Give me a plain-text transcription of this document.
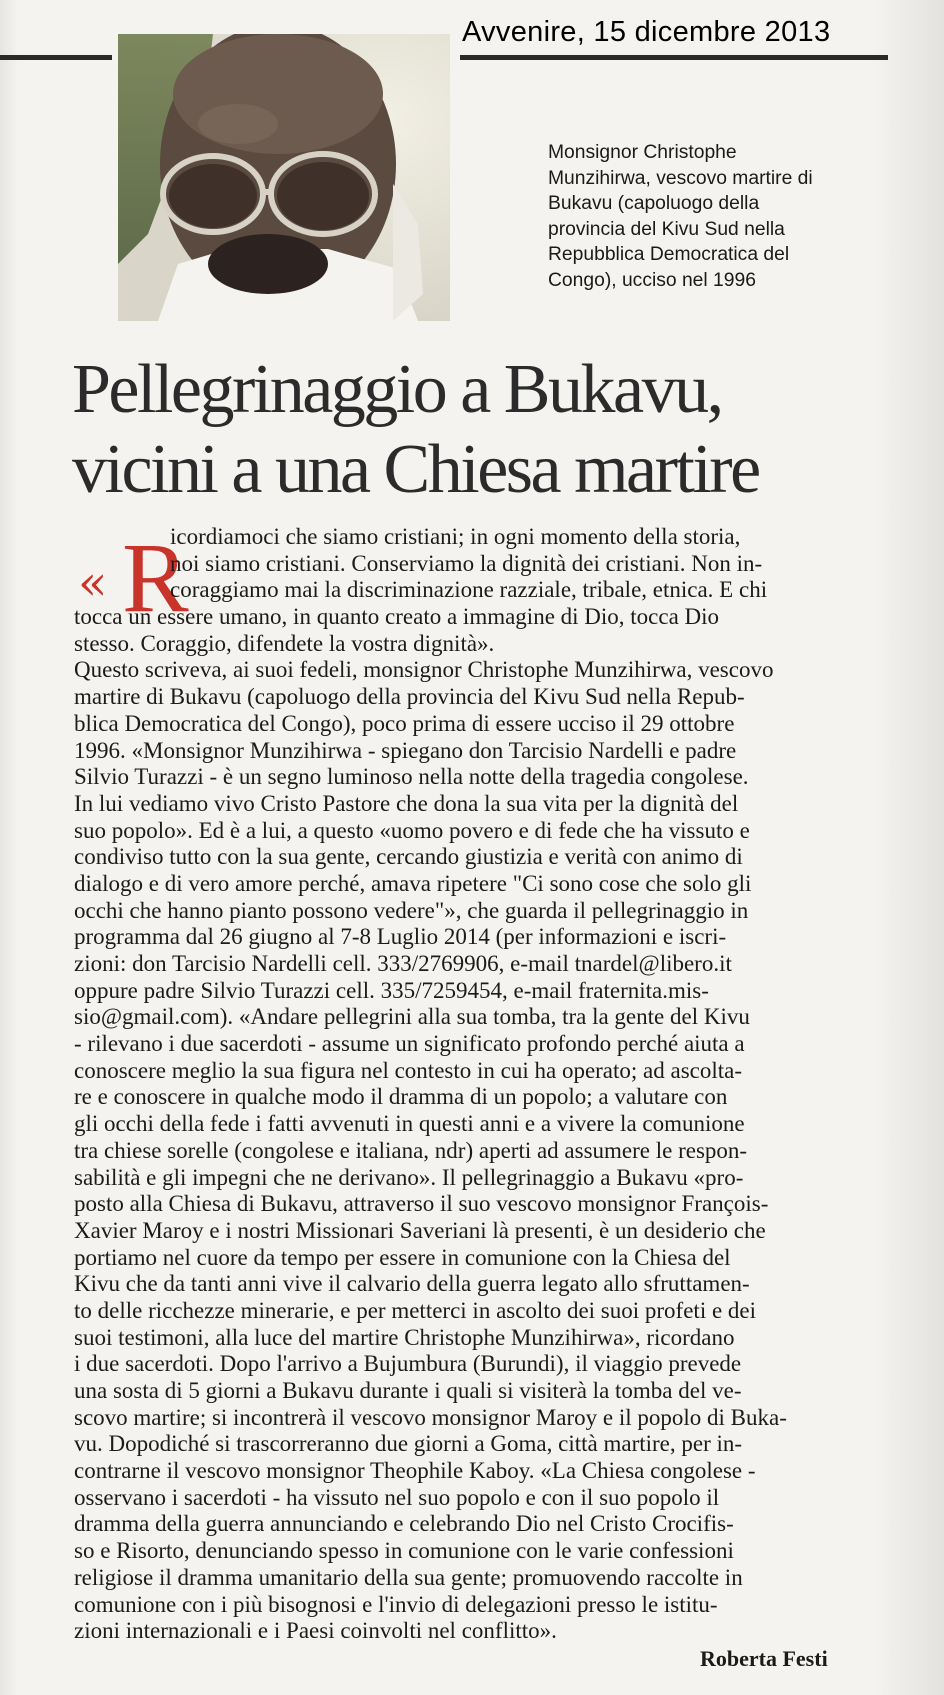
Avvenire, 15 dicembre 2013
Monsignor Christophe
Munzihirwa, vescovo martire di
Bukavu (capoluogo della
provincia del Kivu Sud nella
Repubblica Democratica del
Congo), ucciso nel 1996
Pellegrinaggio a Bukavu,
vicini a una Chiesa martire
« R
icordiamoci che siamo cristiani; in ogni momento della storia,
noi siamo cristiani. Conserviamo la dignità dei cristiani. Non in-
coraggiamo mai la discriminazione razziale, tribale, etnica. E chi
tocca un essere umano, in quanto creato a immagine di Dio, tocca Dio
stesso. Coraggio, difendete la vostra dignità».
Questo scriveva, ai suoi fedeli, monsignor Christophe Munzihirwa, vescovo
martire di Bukavu (capoluogo della provincia del Kivu Sud nella Repub-
blica Democratica del Congo), poco prima di essere ucciso il 29 ottobre
1996. «Monsignor Munzihirwa - spiegano don Tarcisio Nardelli e padre
Silvio Turazzi - è un segno luminoso nella notte della tragedia congolese.
In lui vediamo vivo Cristo Pastore che dona la sua vita per la dignità del
suo popolo». Ed è a lui, a questo «uomo povero e di fede che ha vissuto e
condiviso tutto con la sua gente, cercando giustizia e verità con animo di
dialogo e di vero amore perché, amava ripetere "Ci sono cose che solo gli
occhi che hanno pianto possono vedere"», che guarda il pellegrinaggio in
programma dal 26 giugno al 7-8 Luglio 2014 (per informazioni e iscri-
zioni: don Tarcisio Nardelli cell. 333/2769906, e-mail tnardel@libero.it
oppure padre Silvio Turazzi cell. 335/7259454, e-mail fraternita.mis-
sio@gmail.com). «Andare pellegrini alla sua tomba, tra la gente del Kivu
- rilevano i due sacerdoti - assume un significato profondo perché aiuta a
conoscere meglio la sua figura nel contesto in cui ha operato; ad ascolta-
re e conoscere in qualche modo il dramma di un popolo; a valutare con
gli occhi della fede i fatti avvenuti in questi anni e a vivere la comunione
tra chiese sorelle (congolese e italiana, ndr) aperti ad assumere le respon-
sabilità e gli impegni che ne derivano». Il pellegrinaggio a Bukavu «pro-
posto alla Chiesa di Bukavu, attraverso il suo vescovo monsignor François-
Xavier Maroy e i nostri Missionari Saveriani là presenti, è un desiderio che
portiamo nel cuore da tempo per essere in comunione con la Chiesa del
Kivu che da tanti anni vive il calvario della guerra legato allo sfruttamen-
to delle ricchezze minerarie, e per metterci in ascolto dei suoi profeti e dei
suoi testimoni, alla luce del martire Christophe Munzihirwa», ricordano
i due sacerdoti. Dopo l'arrivo a Bujumbura (Burundi), il viaggio prevede
una sosta di 5 giorni a Bukavu durante i quali si visiterà la tomba del ve-
scovo martire; si incontrerà il vescovo monsignor Maroy e il popolo di Buka-
vu. Dopodiché si trascorreranno due giorni a Goma, città martire, per in-
contrarne il vescovo monsignor Theophile Kaboy. «La Chiesa congolese -
osservano i sacerdoti - ha vissuto nel suo popolo e con il suo popolo il
dramma della guerra annunciando e celebrando Dio nel Cristo Crocifis-
so e Risorto, denunciando spesso in comunione con le varie confessioni
religiose il dramma umanitario della sua gente; promuovendo raccolte in
comunione con i più bisognosi e l'invio di delegazioni presso le istitu-
zioni internazionali e i Paesi coinvolti nel conflitto».
Roberta Festi
